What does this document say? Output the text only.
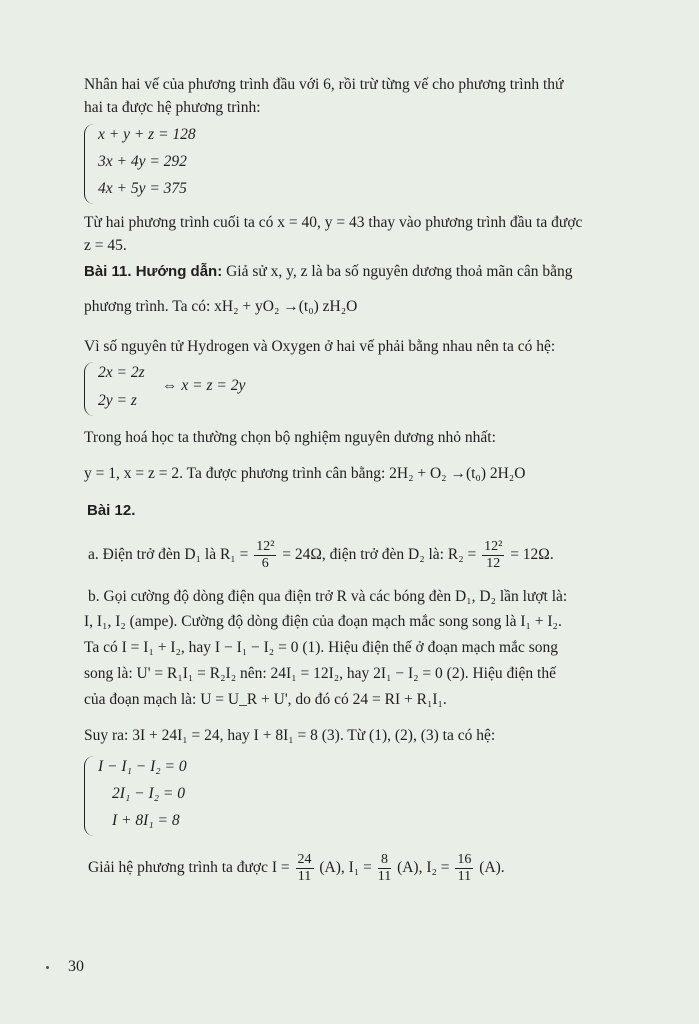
Nhân hai vế của phương trình đầu với 6, rồi trừ từng vế cho phương trình thứ

hai ta được hệ phương trình:

x + y + z = 128
3x + 4y = 292
4x + 5y = 375

Từ hai phương trình cuối ta có x = 40, y = 43 thay vào phương trình đầu ta được

z = 45.

Bài 11. Hướng dẫn: Giả sử x, y, z là ba số nguyên dương thoả mãn cân bằng

phương trình. Ta có: xH₂ + yO₂ →(t₀) zH₂O

Vì số nguyên tử Hydrogen và Oxygen ở hai vế phải bằng nhau nên ta có hệ:

2x = 2z
2y = z
⇔ x = z = 2y

Trong hoá học ta thường chọn bộ nghiệm nguyên dương nhỏ nhất:

y = 1, x = z = 2. Ta được phương trình cân bằng: 2H₂ + O₂ →(t₀) 2H₂O

Bài 12.

a. Điện trở đèn D₁ là $R_1 = \frac{\text{12²}}{6} = 24\Omega$, điện trở đèn D₂ là: $R_2 = \frac{\text{12²}}{12} = 12\Omega$.

b. Gọi cường độ dòng điện qua điện trở R và các bóng đèn D₁, D₂ lần lượt là:

I, I₁, I₂ (ampe). Cường độ dòng điện của đoạn mạch mắc song song là I₁ + I₂.

Ta có I = I₁ + I₂, hay I − I₁ − I₂ = 0 (1). Hiệu điện thế ở đoạn mạch mắc song

song là: U' = R₁I₁ = R₂I₂ nên: 24I₁ = 12I₂, hay 2I₁ − I₂ = 0 (2). Hiệu điện thế

của đoạn mạch là: U = U_R + U', do đó có 24 = RI + R₁I₁.

Suy ra: 3I + 24I₁ = 24, hay I + 8I₁ = 8 (3). Từ (1), (2), (3) ta có hệ:

I − I₁ − I₂ = 0
2I₁ − I₂ = 0
I + 8I₁ = 8
Giải hệ phương trình ta được $I = \frac{24}{11} (A)$, $I_1 = \frac{8}{11} (A)$, $I_2 = \frac{16}{11} (A)$.
30
